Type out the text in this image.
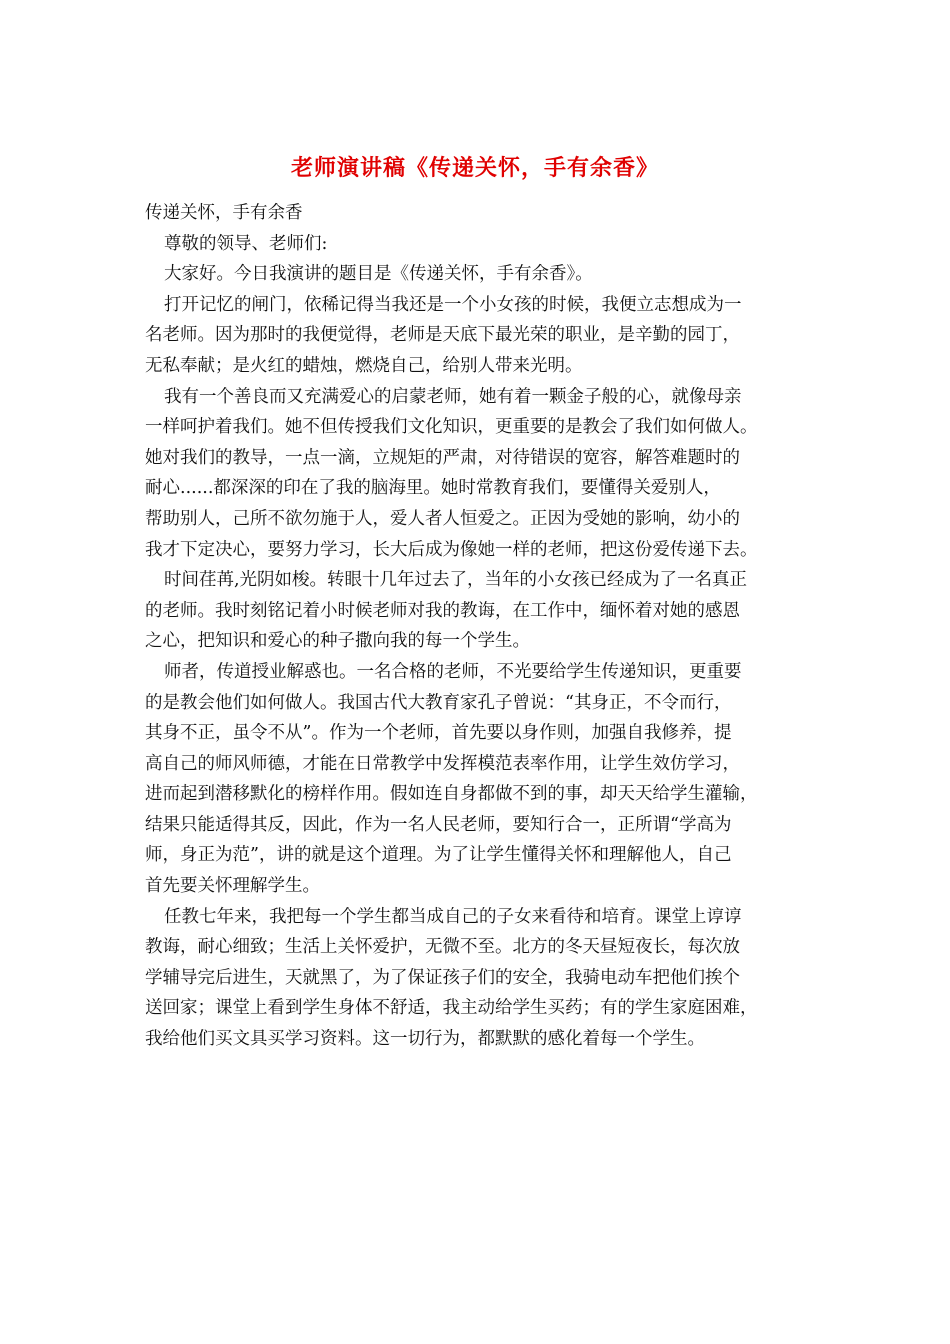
老师演讲稿《传递关怀，手有余香》
传递关怀，手有余香
尊敬的领导、老师们:
大家好。今日我演讲的题目是《传递关怀，手有余香》。
打开记忆的闸门，依稀记得当我还是一个小女孩的时候，我便立志想成为一
名老师。因为那时的我便觉得，老师是天底下最光荣的职业，是辛勤的园丁，
无私奉献；是火红的蜡烛，燃烧自己，给别人带来光明。
我有一个善良而又充满爱心的启蒙老师，她有着一颗金子般的心，就像母亲
一样呵护着我们。她不但传授我们文化知识，更重要的是教会了我们如何做人。
她对我们的教导，一点一滴，立规矩的严肃，对待错误的宽容，解答难题时的
耐心......都深深的印在了我的脑海里。她时常教育我们，要懂得关爱别人，
帮助别人，己所不欲勿施于人，爱人者人恒爱之。正因为受她的影响，幼小的
我才下定决心，要努力学习，长大后成为像她一样的老师，把这份爱传递下去。
时间荏苒,光阴如梭。转眼十几年过去了，当年的小女孩已经成为了一名真正
的老师。我时刻铭记着小时候老师对我的教诲，在工作中，缅怀着对她的感恩
之心，把知识和爱心的种子撒向我的每一个学生。
师者，传道授业解惑也。一名合格的老师，不光要给学生传递知识，更重要
的是教会他们如何做人。我国古代大教育家孔子曾说：“其身正，不令而行，
其身不正，虽令不从”。作为一个老师，首先要以身作则，加强自我修养，提
高自己的师风师德，才能在日常教学中发挥模范表率作用，让学生效仿学习，
进而起到潜移默化的榜样作用。假如连自身都做不到的事，却天天给学生灌输，
结果只能适得其反，因此，作为一名人民老师，要知行合一，正所谓“学高为
师，身正为范”，讲的就是这个道理。为了让学生懂得关怀和理解他人，自己
首先要关怀理解学生。
任教七年来，我把每一个学生都当成自己的子女来看待和培育。课堂上谆谆
教诲，耐心细致；生活上关怀爱护，无微不至。北方的冬天昼短夜长，每次放
学辅导完后进生，天就黑了，为了保证孩子们的安全，我骑电动车把他们挨个
送回家；课堂上看到学生身体不舒适，我主动给学生买药；有的学生家庭困难，
我给他们买文具买学习资料。这一切行为，都默默的感化着每一个学生。
